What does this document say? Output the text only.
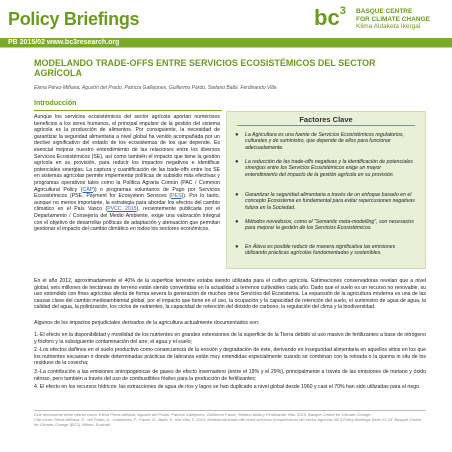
Policy Briefings	$bc^3$ BASQUE CENTRE
FOR CLIMATE CHANGE
Klima Aldaketa Ikergai
PB 2015/02 www.bc3research.org
MODELANDO TRADE-OFFS ENTRE SERVICIOS ECOSISTÉMICOS DEL SECTOR AGRÍCOLA
Elena Pérez-Miñana, Agustín del Prado, Patricia Gallejones, Guillermo Pardo, Stefano Balbi, Ferdinando Villa
Introducción
Aunque los servicios ecosistémicos del sector agrícola aportan numerosos beneficios a los seres humanos, el principal impulsor de la gestión del sistema agrícola es la producción de alimentos. Por consiguiente, la necesidad de garantizar la seguridad alimentaria a nivel global ha venido acompañada por un declive significativo del estado de los ecosistemas de los que depende. Es esencial mejorar nuestro entendimiento de las relaciones entre los diversos Servicios Ecosistémicos (SE), así como también el impacto que tiene la gestión agrícola en su provisión, para reducir los impactos negativos e identificar potenciales sinergias. La captura y cuantificación de las trade-offs entre los SE en sistemas agrícolas permite implementar políticas de subsidio más efectivas y programas operativos tales como la Política Agraria Común (PAC / Common Agricultural Policy (CAP)) o programas voluntarios de Pago por Servicios Ecosistémicos (PSE, Payment for Ecosystem Services (PES)). Por lo tanto, aunque no menos importante, la estrategia para abordar los efectos del cambio climático en el País Vasco (PVCC 2015), recientemente publicada por el Departamento / Consejería del Medio Ambiente, exige una valoración integral con el objetivo de desarrollar políticas de adaptación y atenuación que permitan gestionar el impacto del cambio climático en todos los sectores económicos.
Factores Clave
● La Agricultura es una fuente de Servicios Ecosistémicos regulatorios, culturales y de suministro, que depende de ellos para funcionar adecuadamente.
● La reducción de las trade-offs negativas y la identificación de potenciales sinergias entre los Servicios Ecosistémicos exige un mayor entendimiento del impacto de la gestión agrícola en su provisión.
● Garantizar la seguridad alimentaria a través de un enfoque basado en el concepto Ecosistema es fundamental para evitar repercusiones negativas futura en la Sociedad.
● Métodos novedosos, como el "Semantic meta-modelling", son necesarios para mejorar la gestión de los Servicios Ecosistémicos.
● En Álava es posible reducir de manera significativa las emisiones utilizando prácticas agrícolas fundamentadas y sostenibles.
En el año 2012, aproximadamente el 40% de la superficie terrestre estaba siendo utilizada para el cultivo agrícola. Estimaciones conservadoras revelan que a nivel global, seis millones de hectáreas de terreno están siendo convertidas en la actualidad a terrenos cultivables cada año. Dado que el suelo es un recurso no renovable, su uso extendido con fines agrícolas afecta de forma severa la generación de muchos otros Servicios del Ecosistema. La expansión de la agricultura moderna es una de las causas clave del cambio medioambiental global, por el impacto que tiene en el uso, la ocupación y la capacidad de retención del suelo, el suministro de agua de agua, la calidad del agua, la polinización, los ciclos de nutrientes, la capacidad de retención del dióxido de carbono, la regulación del clima y la biodiversidad.
Algunos de los impactos perjudiciales derivados de la agricultura actualmente documentados son:
1.-El efecto en la disponibilidad y movilidad de los nutrientes en grandes extensiones de la superficie de la Tierra debido al uso masivo de fertilizantes a base de nitrógeno y fósforo y la subsiguiente contaminación del aire, el agua y el suelo;
2.-Los efectos dañinos en el suelo productivo como consecuencia de la erosión y degradación de éste, derivando en inseguridad alimentaria en aquellos sitios en los que los nutrientes escasean o donde determinadas prácticas de labranza están muy extendidas especialmente cuando se combinan con la retirada o la quema in situ de los residuos de la cosecha;
3.-La contribución a las emisiones antropogénicas de gases de efecto invernadero (entre el 19% y el 29%), principalmente a través de las emisiones de metano y óxido nitroso, pero también a través del uso de combustibles fósiles para la producción de fertilizantes;
4. El efecto en los recursos hídricos: las extracciones de agua de ríos y lagos se han duplicado a nivel global desde 1960 y casi el 70% han sido utilizadas para el riego.
Este documento debe citarse como: Elena Pérez-Miñana, Agustín del Prado, Patricia Gallejones, Guillermo Pardo, Stefano Balbi y Ferdinando Villa. 2015. Basque Centre for Climate Change.
Cite como: Pérez-Miñana, E., del Prado, A., Gallejones, P., Pardo, G., Balbi, S. and Villa, F. 2015. Modelando trade-offs entre servicios ecosistémicos del sector agrícola. BC3 Policy Briefings Serie 02-15. Basque Centre for Climate Change (BC3). Bilbao, Euskadi.
